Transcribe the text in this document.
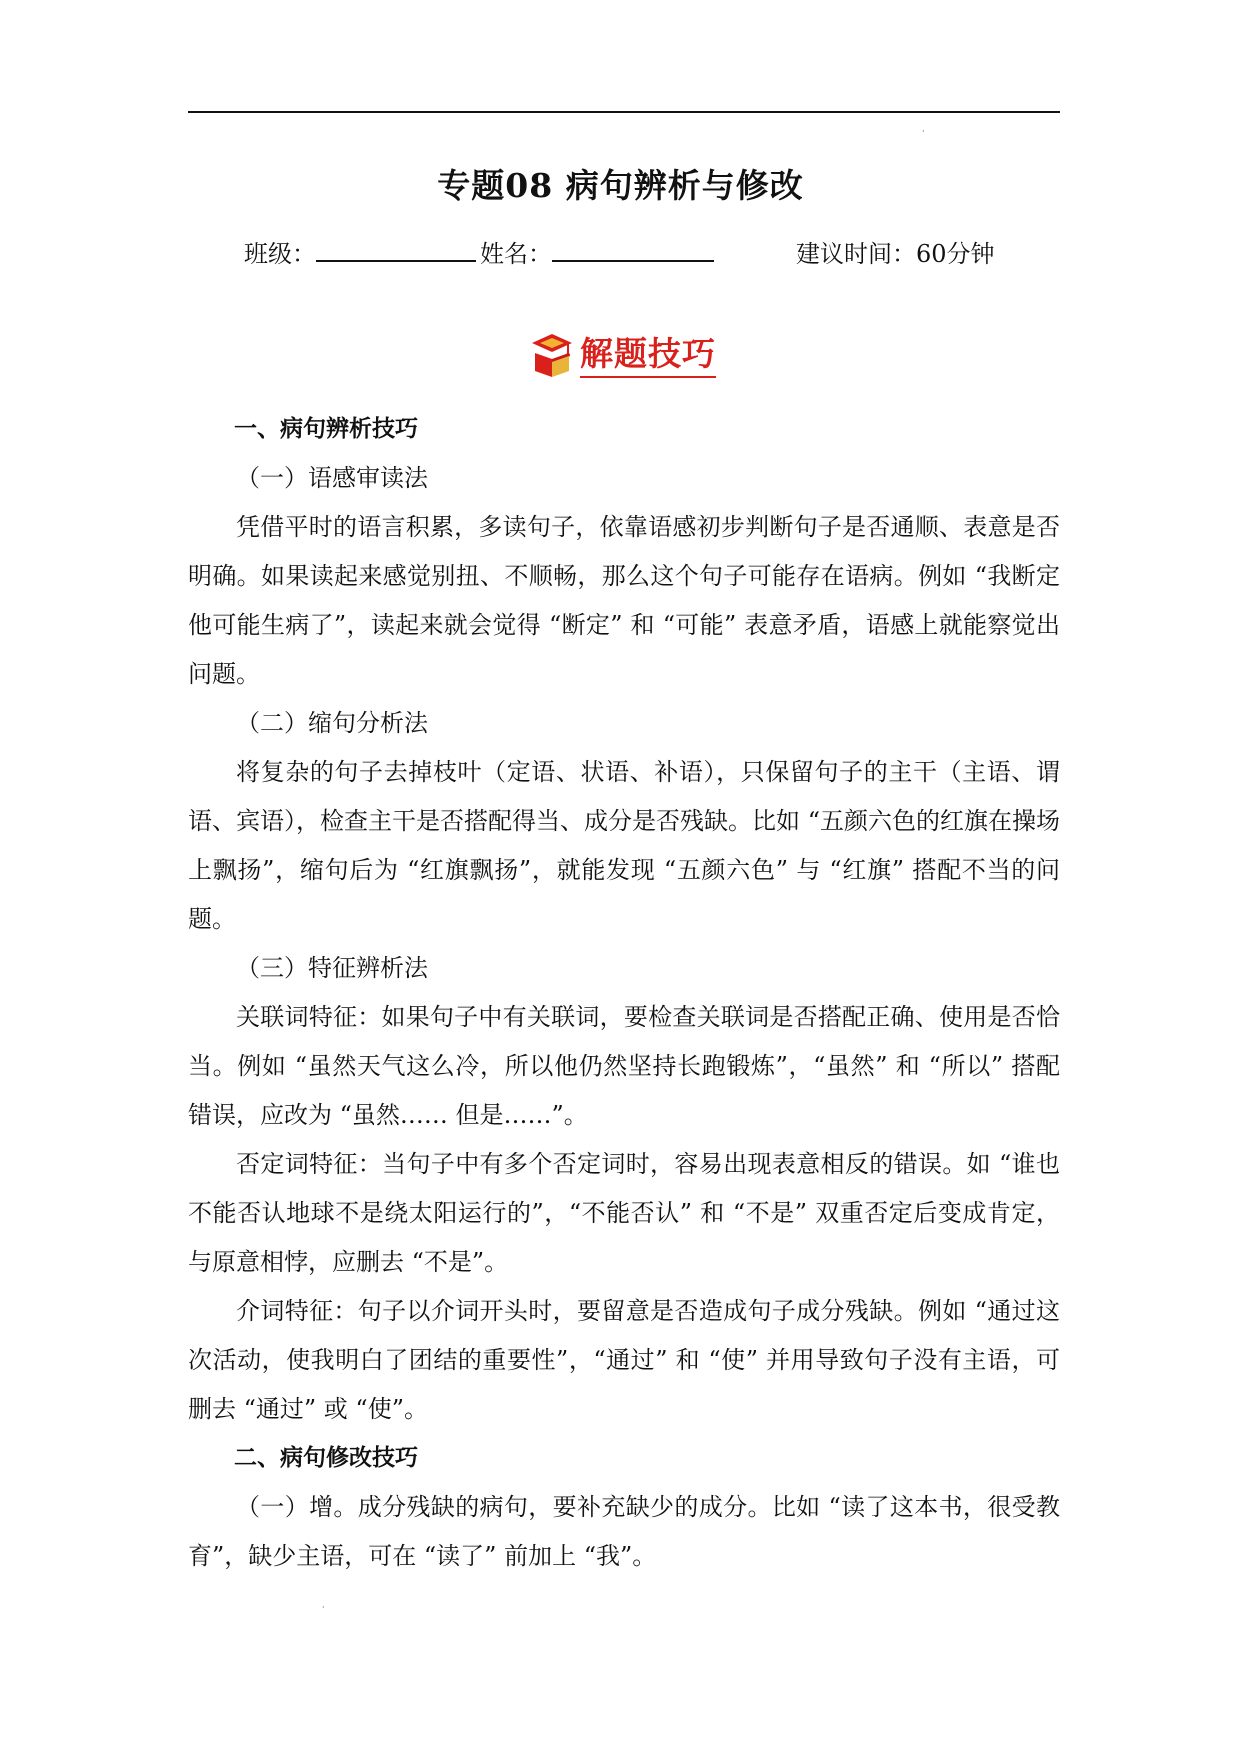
·
专题08 病句辨析与修改
班级：	姓名：	建议时间：60分钟
解题技巧

一、病句辨析技巧

（一）语感审读法

凭借平时的语言积累，多读句子，依靠语感初步判断句子是否通顺、表意是否明确。如果读起来感觉别扭、不顺畅，那么这个句子可能存在语病。例如 “我断定他可能生病了”，读起来就会觉得 “断定” 和 “可能” 表意矛盾，语感上就能察觉出问题。

（二）缩句分析法

将复杂的句子去掉枝叶（定语、状语、补语），只保留句子的主干（主语、谓语、宾语），检查主干是否搭配得当、成分是否残缺。比如 “五颜六色的红旗在操场上飘扬”，缩句后为 “红旗飘扬”，就能发现 “五颜六色” 与 “红旗” 搭配不当的问题。

（三）特征辨析法

关联词特征：如果句子中有关联词，要检查关联词是否搭配正确、使用是否恰当。例如 “虽然天气这么冷，所以他仍然坚持长跑锻炼”，“虽然” 和 “所以” 搭配错误，应改为 “虽然…… 但是……”。

否定词特征：当句子中有多个否定词时，容易出现表意相反的错误。如 “谁也不能否认地球不是绕太阳运行的”，“不能否认” 和 “不是” 双重否定后变成肯定，与原意相悖，应删去 “不是”。

介词特征：句子以介词开头时，要留意是否造成句子成分残缺。例如 “通过这次活动，使我明白了团结的重要性”，“通过” 和 “使” 并用导致句子没有主语，可删去 “通过” 或 “使”。

二、病句修改技巧

（一）增。成分残缺的病句，要补充缺少的成分。比如 “读了这本书，很受教育”，缺少主语，可在 “读了” 前加上 “我”。

·
